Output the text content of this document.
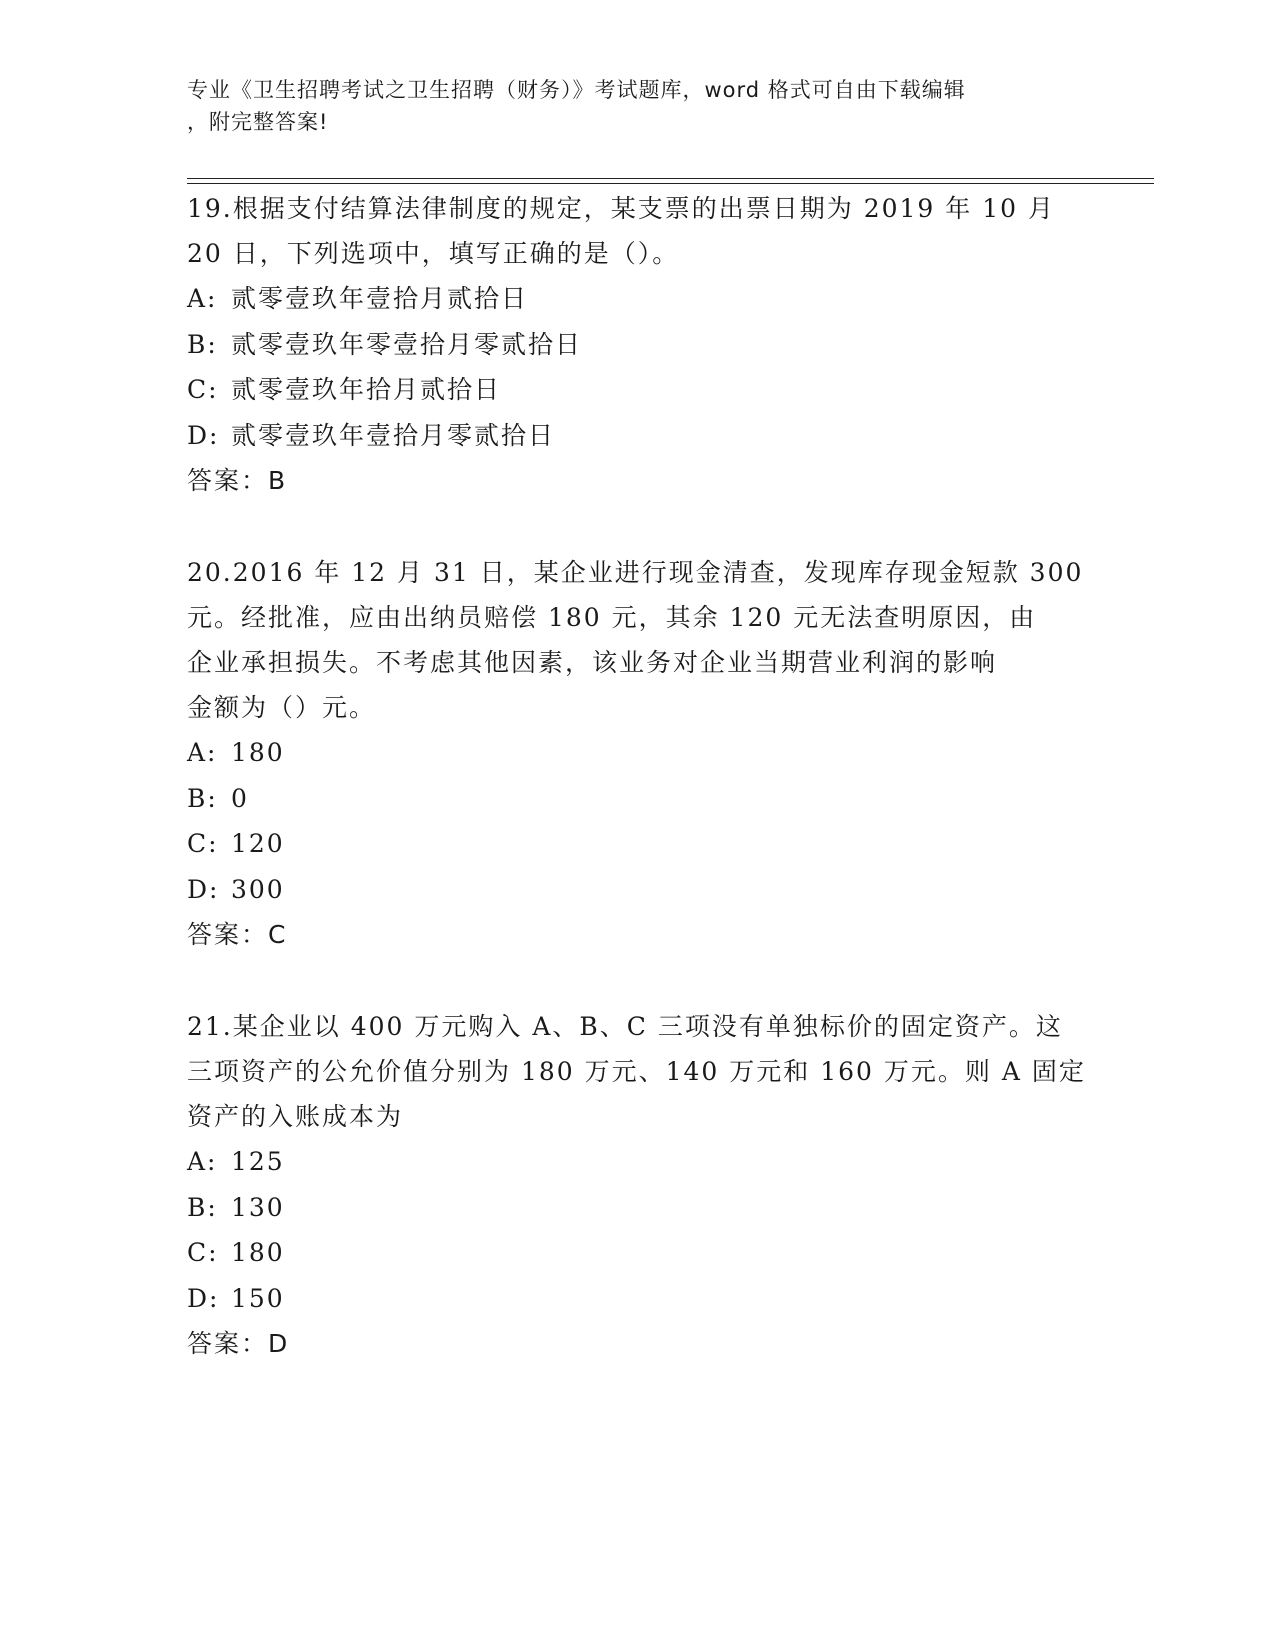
专业《卫生招聘考试之卫生招聘（财务）》考试题库，word 格式可自由下载编辑
，附完整答案!

19.根据支付结算法律制度的规定，某支票的出票日期为 2019 年 10 月

20 日，下列选项中，填写正确的是（）。

A: 贰零壹玖年壹拾月贰拾日

B: 贰零壹玖年零壹拾月零贰拾日

C: 贰零壹玖年拾月贰拾日

D: 贰零壹玖年壹拾月零贰拾日

答案：B

20.2016 年 12 月 31 日，某企业进行现金清查，发现库存现金短款 300

元。经批准，应由出纳员赔偿 180 元，其余 120 元无法查明原因，由

企业承担损失。不考虑其他因素，该业务对企业当期营业利润的影响

金额为（）元。

A: 180

B: 0

C: 120

D: 300

答案：C

21.某企业以 400 万元购入 A、B、C 三项没有单独标价的固定资产。这

三项资产的公允价值分别为 180 万元、140 万元和 160 万元。则 A 固定

资产的入账成本为

A: 125

B: 130

C: 180

D: 150

答案：D
